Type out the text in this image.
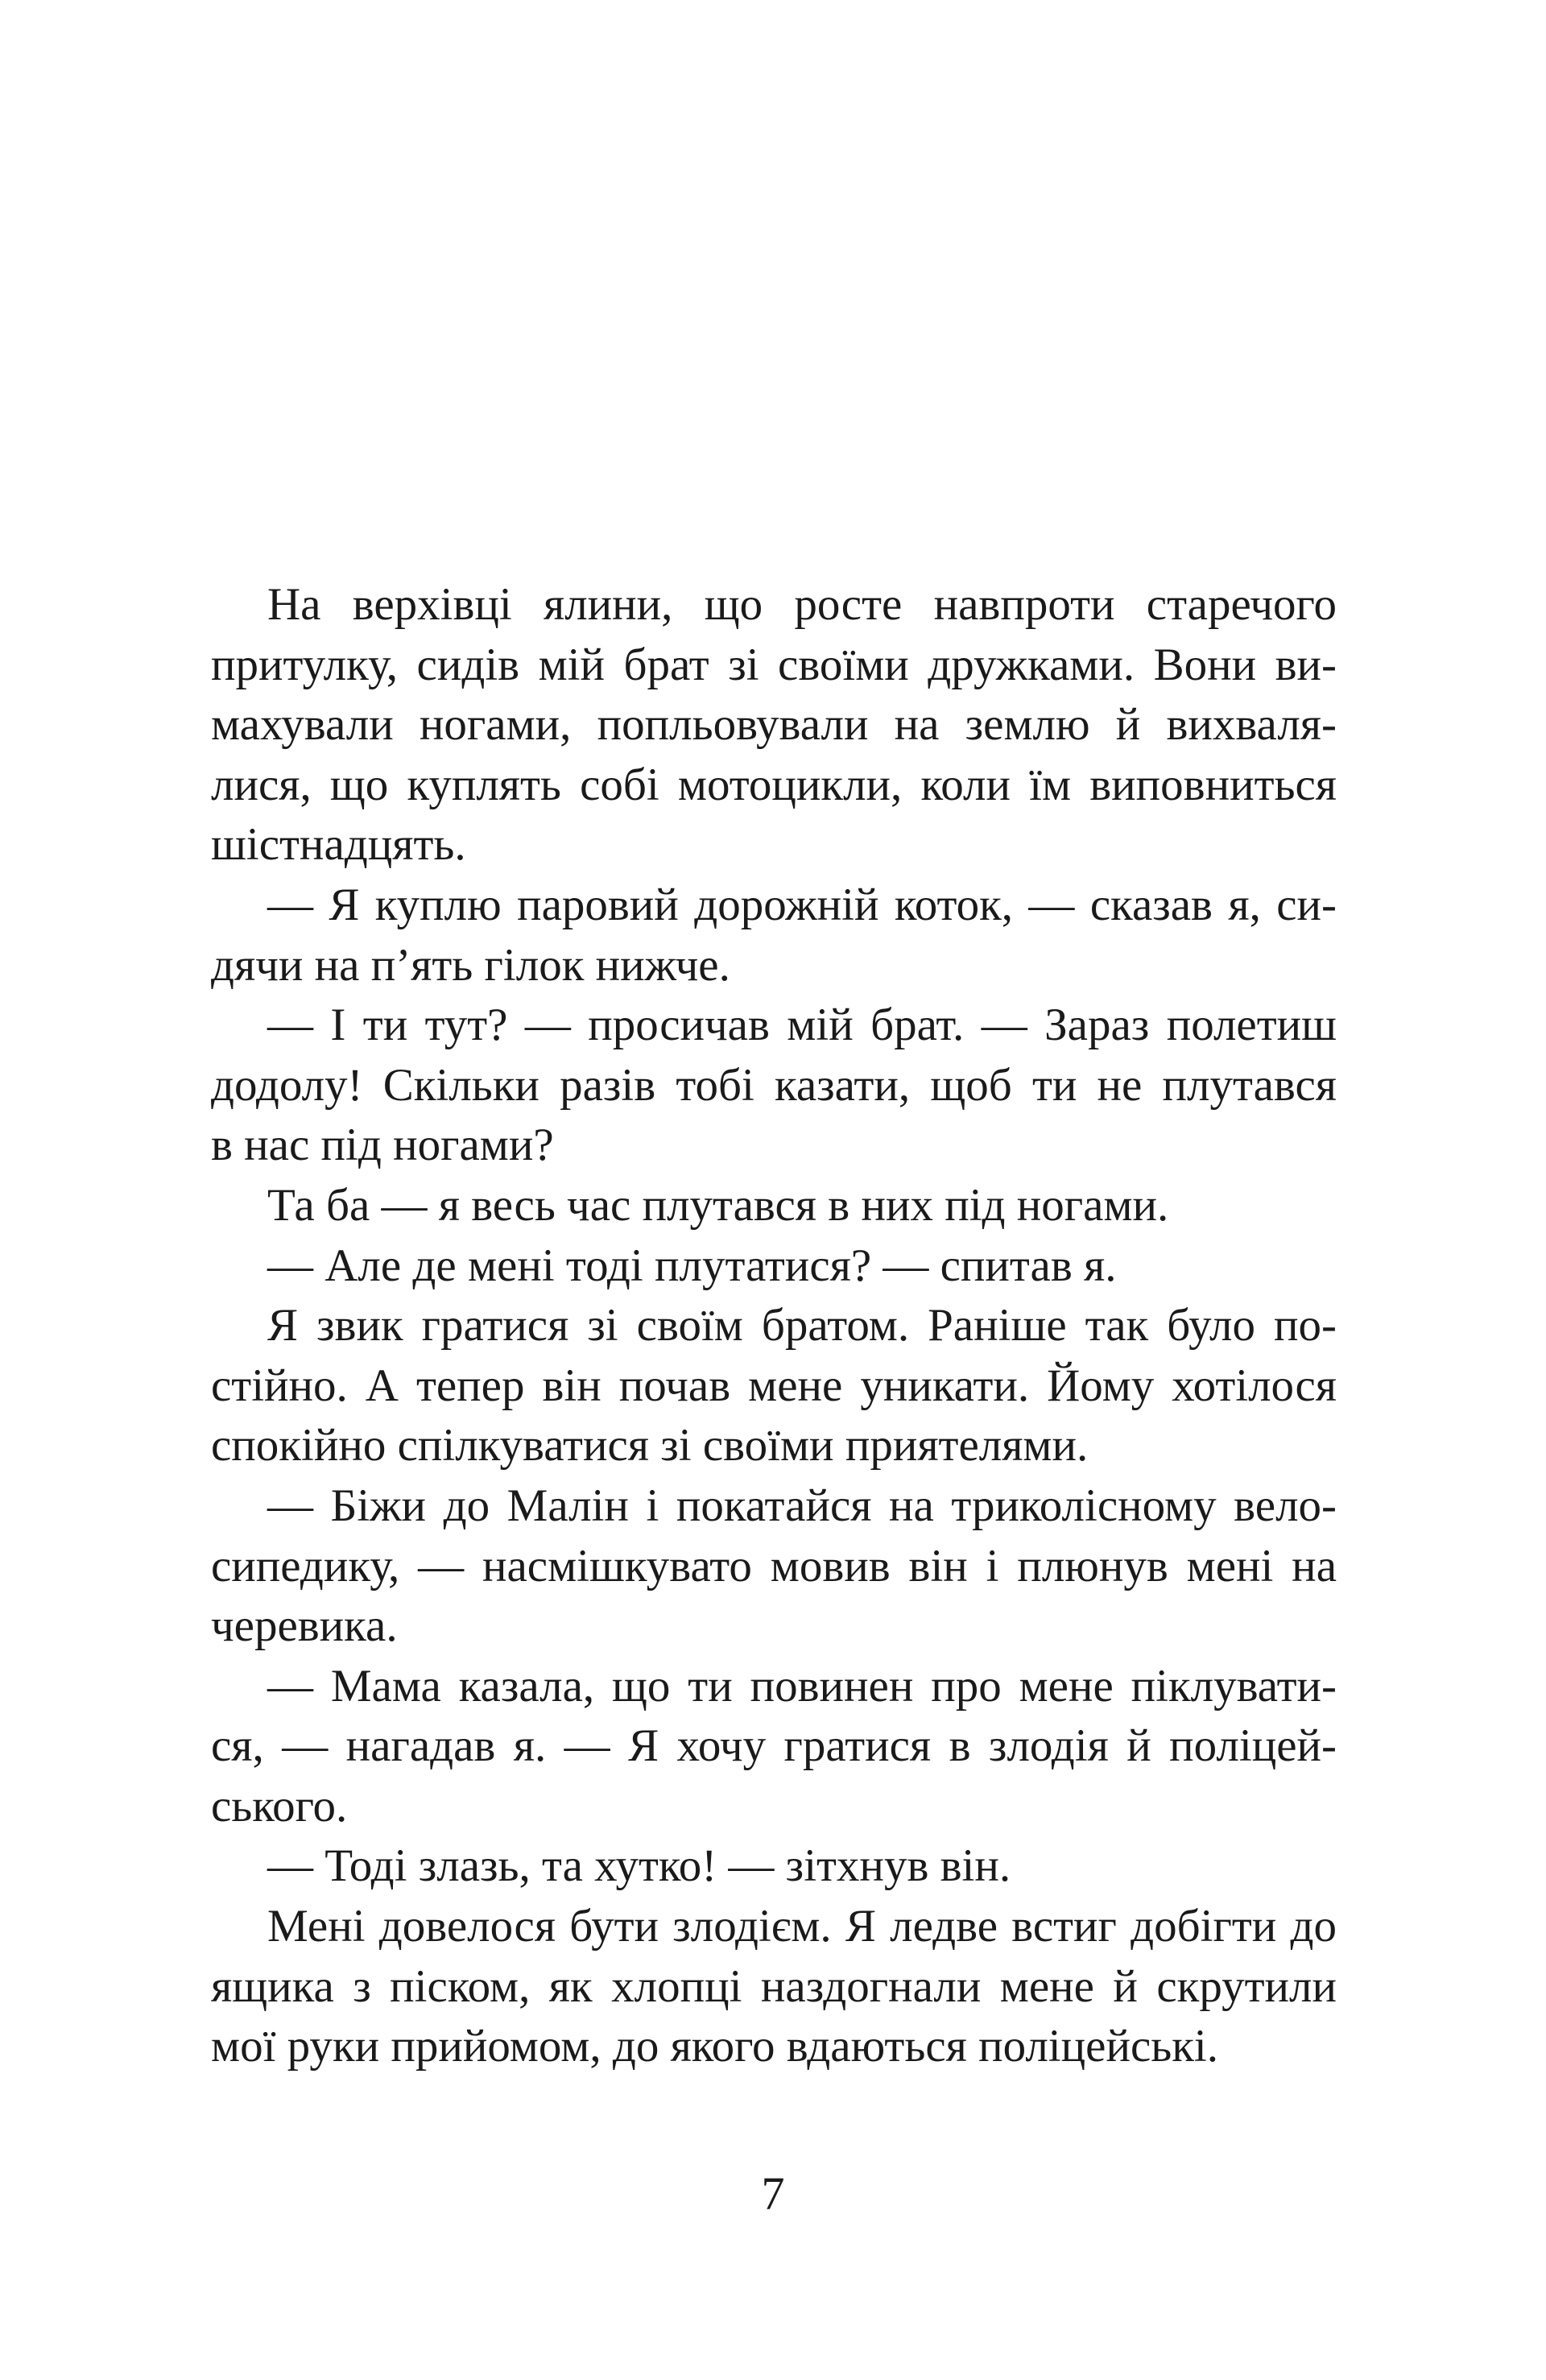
На верхівці ялини, що росте навпроти старечого
притулку, сидів мій брат зі своїми дружками. Вони ви-
махували ногами, попльовували на землю й вихваля-
лися, що куплять собі мотоцикли, коли їм виповниться
шістнадцять.
— Я куплю паровий дорожній коток, — сказав я, си-
дячи на п’ять гілок нижче.
— І ти тут? — просичав мій брат. — Зараз полетиш
додолу! Скільки разів тобі казати, щоб ти не плутався
в нас під ногами?
Та ба — я весь час плутався в них під ногами.
— Але де мені тоді плутатися? — спитав я.
Я звик гратися зі своїм братом. Раніше так було по-
стійно. А тепер він почав мене уникати. Йому хотілося
спокійно спілкуватися зі своїми приятелями.
— Біжи до Малін і покатайся на триколісному вело-
сипедику, — насмішкувато мовив він і плюнув мені на
черевика.
— Мама казала, що ти повинен про мене піклувати-
ся, — нагадав я. — Я хочу гратися в злодія й поліцей-
ського.
— Тоді злазь, та хутко! — зітхнув він.
Мені довелося бути злодієм. Я ледве встиг добігти до
ящика з піском, як хлопці наздогнали мене й скрутили
мої руки прийомом, до якого вдаються поліцейські.
7
